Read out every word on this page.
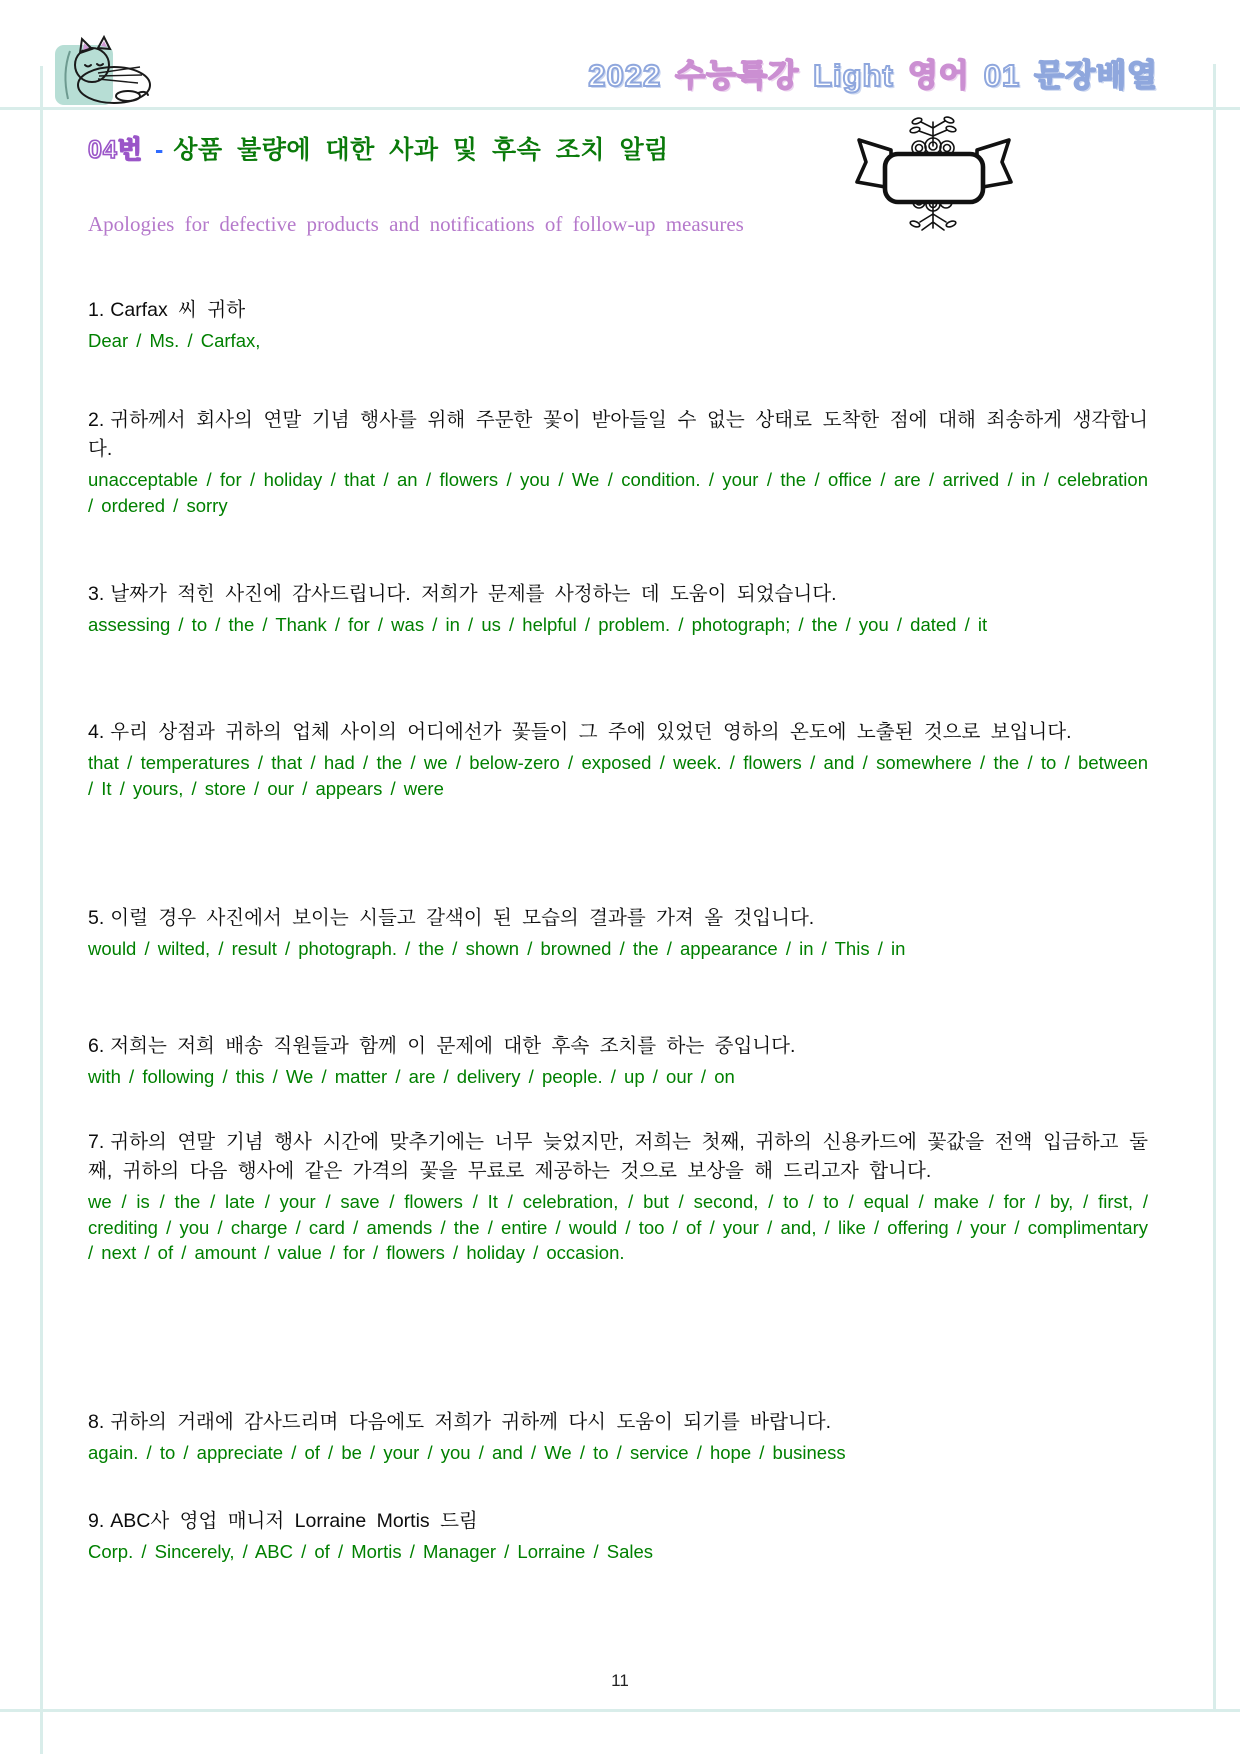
2022 수능특강 Light 영어 01 문장배열
04번 - 상품 불량에 대한 사과 및 후속 조치 알림
Apologies for defective products and notifications of follow-up measures

1. Carfax 씨 귀하

Dear / Ms. / Carfax,

2. 귀하께서 회사의 연말 기념 행사를 위해 주문한 꽃이 받아들일 수 없는 상태로 도착한 점에 대해 죄송하게 생각합니다.

unacceptable / for / holiday / that / an / flowers / you / We / condition. / your / the / office / are / arrived / in / celebration / ordered / sorry

3. 날짜가 적힌 사진에 감사드립니다. 저희가 문제를 사정하는 데 도움이 되었습니다.

assessing / to / the / Thank / for / was / in / us / helpful / problem. / photograph; / the / you / dated / it

4. 우리 상점과 귀하의 업체 사이의 어디에선가 꽃들이 그 주에 있었던 영하의 온도에 노출된 것으로 보입니다.

that / temperatures / that / had / the / we / below-zero / exposed / week. / flowers / and / somewhere / the / to / between / It / yours, / store / our / appears / were

5. 이럴 경우 사진에서 보이는 시들고 갈색이 된 모습의 결과를 가져 올 것입니다.

would / wilted, / result / photograph. / the / shown / browned / the / appearance / in / This / in

6. 저희는 저희 배송 직원들과 함께 이 문제에 대한 후속 조치를 하는 중입니다.

with / following / this / We / matter / are / delivery / people. / up / our / on

7. 귀하의 연말 기념 행사 시간에 맞추기에는 너무 늦었지만, 저희는 첫째, 귀하의 신용카드에 꽃값을 전액 입금하고 둘째, 귀하의 다음 행사에 같은 가격의 꽃을 무료로 제공하는 것으로 보상을 해 드리고자 합니다.

we / is / the / late / your / save / flowers / It / celebration, / but / second, / to / to / equal / make / for / by, / first, / crediting / you / charge / card / amends / the / entire / would / too / of / your / and, / like / offering / your / complimentary / next / of / amount / value / for / flowers / holiday / occasion.

8. 귀하의 거래에 감사드리며 다음에도 저희가 귀하께 다시 도움이 되기를 바랍니다.

again. / to / appreciate / of / be / your / you / and / We / to / service / hope / business

9. ABC사 영업 매니저 Lorraine Mortis 드림

Corp. / Sincerely, / ABC / of / Mortis / Manager / Lorraine / Sales

11
